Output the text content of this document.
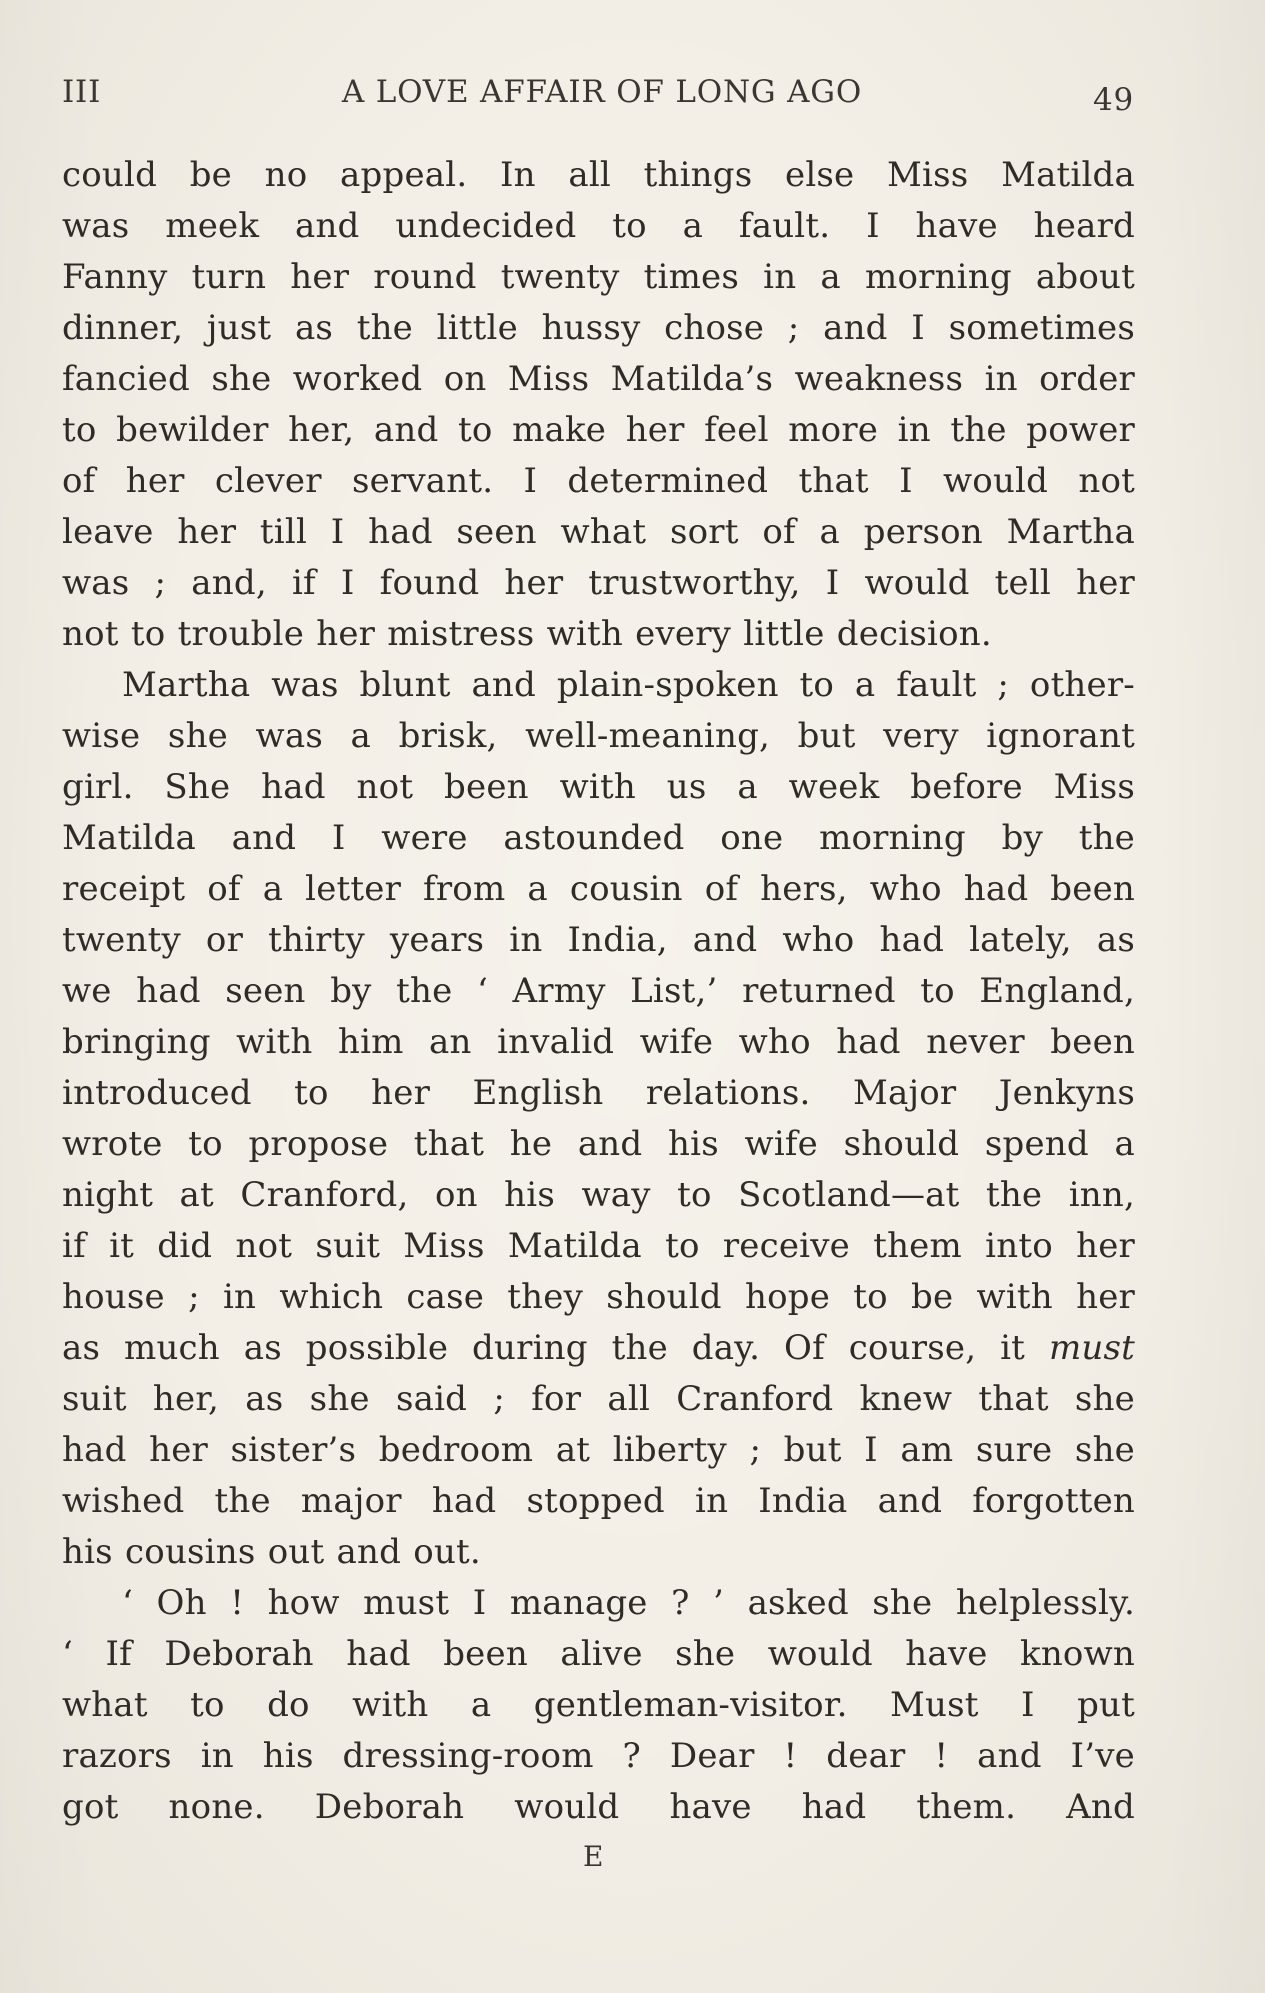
III	A LOVE AFFAIR OF LONG AGO	49
could be no appeal. In all things else Miss Matilda
was meek and undecided to a fault. I have heard
Fanny turn her round twenty times in a morning about
dinner, just as the little hussy chose ; and I sometimes
fancied she worked on Miss Matilda’s weakness in order
to bewilder her, and to make her feel more in the power
of her clever servant. I determined that I would not
leave her till I had seen what sort of a person Martha
was ; and, if I found her trustworthy, I would tell her
not to trouble her mistress with every little decision.
Martha was blunt and plain-spoken to a fault ; other-
wise she was a brisk, well-meaning, but very ignorant
girl. She had not been with us a week before Miss
Matilda and I were astounded one morning by the
receipt of a letter from a cousin of hers, who had been
twenty or thirty years in India, and who had lately, as
we had seen by the ‘ Army List,’ returned to England,
bringing with him an invalid wife who had never been
introduced to her English relations. Major Jenkyns
wrote to propose that he and his wife should spend a
night at Cranford, on his way to Scotland—at the inn,
if it did not suit Miss Matilda to receive them into her
house ; in which case they should hope to be with her
as much as possible during the day. Of course, it must
suit her, as she said ; for all Cranford knew that she
had her sister’s bedroom at liberty ; but I am sure she
wished the major had stopped in India and forgotten
his cousins out and out.
‘ Oh ! how must I manage ? ’ asked she helplessly.
‘ If Deborah had been alive she would have known
what to do with a gentleman-visitor. Must I put
razors in his dressing-room ? Dear ! dear ! and I’ve
got none. Deborah would have had them. And
E
